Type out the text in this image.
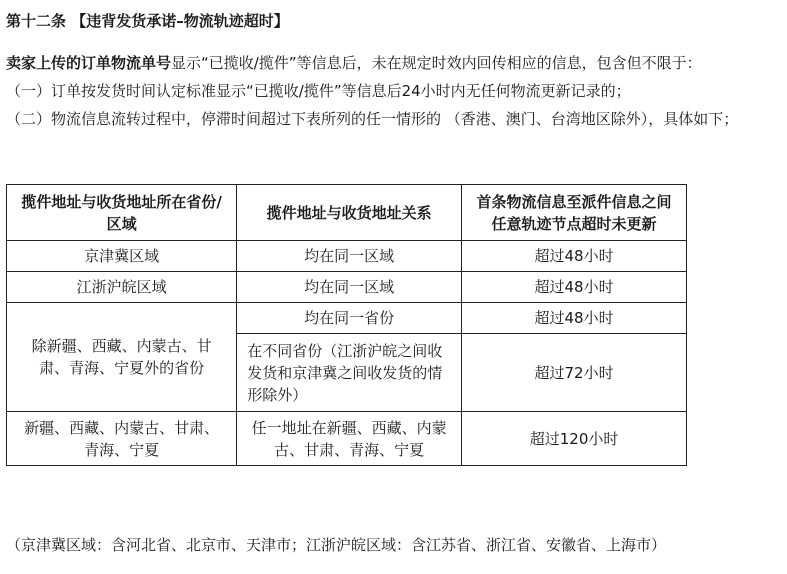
第十二条 【违背发货承诺–物流轨迹超时】
卖家上传的订单物流单号显示“已揽收/揽件”等信息后，未在规定时效内回传相应的信息，包含但不限于：
（一）订单按发货时间认定标准显示“已揽收/揽件”等信息后24小时内无任何物流更新记录的；
（二）物流信息流转过程中，停滞时间超过下表所列的任一情形的 （香港、澳门、台湾地区除外），具体如下；
揽件地址与收货地址所在省份/区域	揽件地址与收货地址关系	首条物流信息至派件信息之间任意轨迹节点超时未更新
京津冀区域	均在同一区域	超过48小时
江浙沪皖区域	均在同一区域	超过48小时
除新疆、西藏、内蒙古、甘肃、青海、宁夏外的省份	均在同一省份	超过48小时
	在不同省份（江浙沪皖之间收发货和京津冀之间收发货的情形除外）	超过72小时
新疆、西藏、内蒙古、甘肃、青海、宁夏	任一地址在新疆、西藏、内蒙古、甘肃、青海、宁夏	超过120小时
（京津冀区域：含河北省、北京市、天津市；江浙沪皖区域：含江苏省、浙江省、安徽省、上海市）
